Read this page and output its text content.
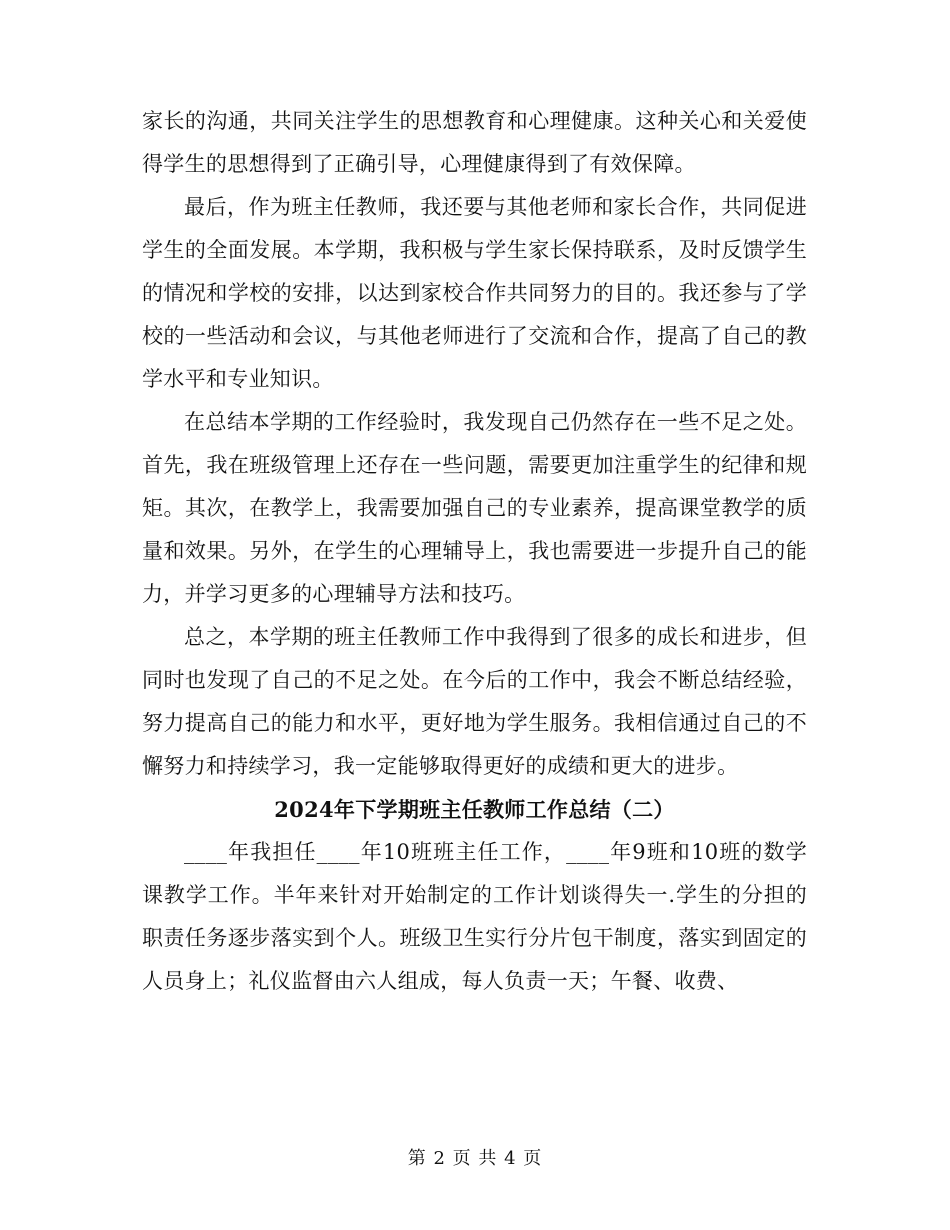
家长的沟通，共同关注学生的思想教育和心理健康。这种关心和关爱使得学生的思想得到了正确引导，心理健康得到了有效保障。

最后，作为班主任教师，我还要与其他老师和家长合作，共同促进学生的全面发展。本学期，我积极与学生家长保持联系，及时反馈学生的情况和学校的安排，以达到家校合作共同努力的目的。我还参与了学校的一些活动和会议，与其他老师进行了交流和合作，提高了自己的教学水平和专业知识。

在总结本学期的工作经验时，我发现自己仍然存在一些不足之处。首先，我在班级管理上还存在一些问题，需要更加注重学生的纪律和规矩。其次，在教学上，我需要加强自己的专业素养，提高课堂教学的质量和效果。另外，在学生的心理辅导上，我也需要进一步提升自己的能力，并学习更多的心理辅导方法和技巧。

总之，本学期的班主任教师工作中我得到了很多的成长和进步，但同时也发现了自己的不足之处。在今后的工作中，我会不断总结经验，努力提高自己的能力和水平，更好地为学生服务。我相信通过自己的不懈努力和持续学习，我一定能够取得更好的成绩和更大的进步。

2024年下学期班主任教师工作总结（二）

____年我担任____年10班班主任工作，____年9班和10班的数学课教学工作。半年来针对开始制定的工作计划谈得失一.学生的分担的职责任务逐步落实到个人。班级卫生实行分片包干制度，落实到固定的人员身上；礼仪监督由六人组成，每人负责一天；午餐、收费、

第 2 页 共 4 页
